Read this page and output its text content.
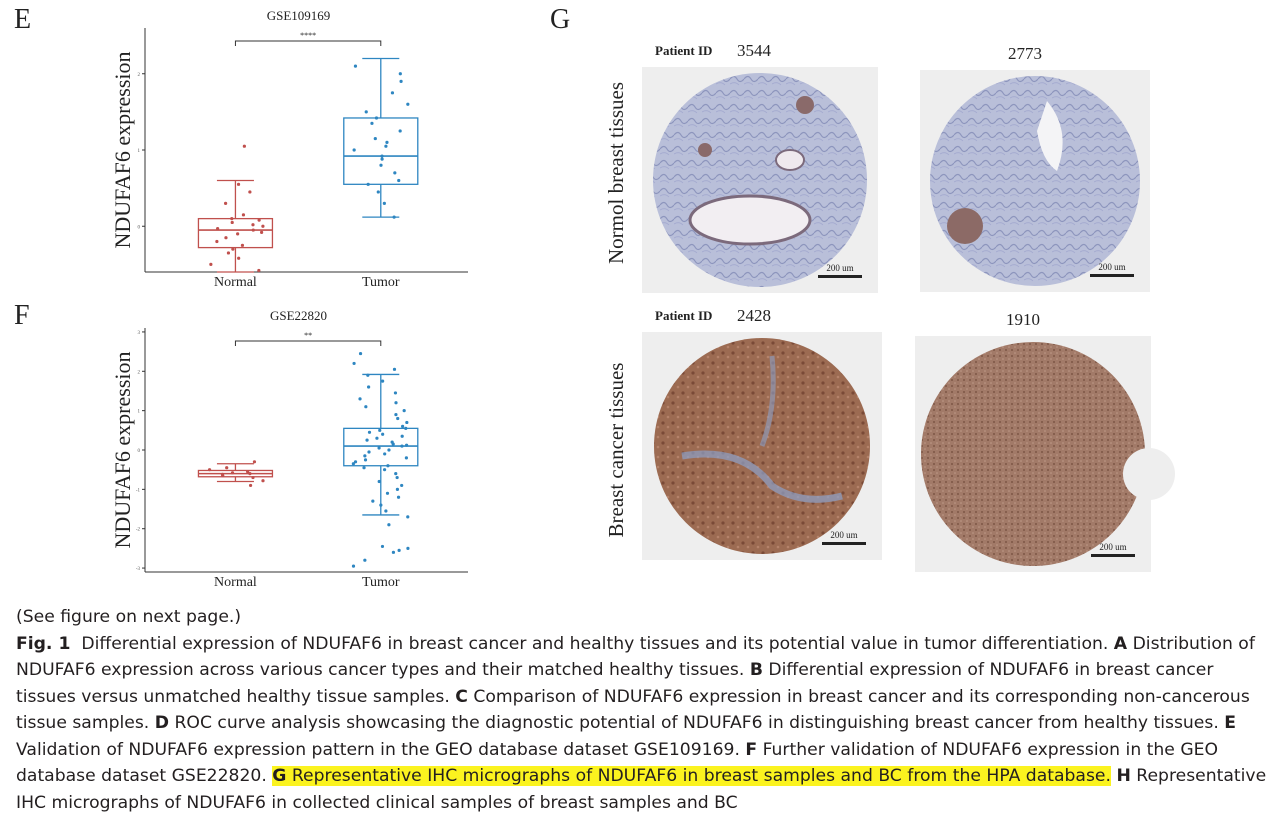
E
F
G
GSE109169
0
1
2
NDUFAF6 expression
****
Normal	Tumor
GSE22820
-3
-2
-1
0
1
2
3
NDUFAF6 expression
**
Normal	Tumor
Normol breast tissues
Breast cancer tissues
Patient ID 3544
200 um
2773
200 um
Patient ID 2428
200 um
1910
200 um

(See figure on next page.)

Fig. 1 Differential expression of NDUFAF6 in breast cancer and healthy tissues and its potential value in tumor differentiation. A Distribution of NDUFAF6 expression across various cancer types and their matched healthy tissues. B Differential expression of NDUFAF6 in breast cancer tissues versus unmatched healthy tissue samples. C Comparison of NDUFAF6 expression in breast cancer and its corresponding non-cancerous tissue samples. D ROC curve analysis showcasing the diagnostic potential of NDUFAF6 in distinguishing breast cancer from healthy tissues. E Validation of NDUFAF6 expression pattern in the GEO database dataset GSE109169. F Further validation of NDUFAF6 expression in the GEO database dataset GSE22820. G Representative IHC micrographs of NDUFAF6 in breast samples and BC from the HPA database. H Representative IHC micrographs of NDUFAF6 in collected clinical samples of breast samples and BC
